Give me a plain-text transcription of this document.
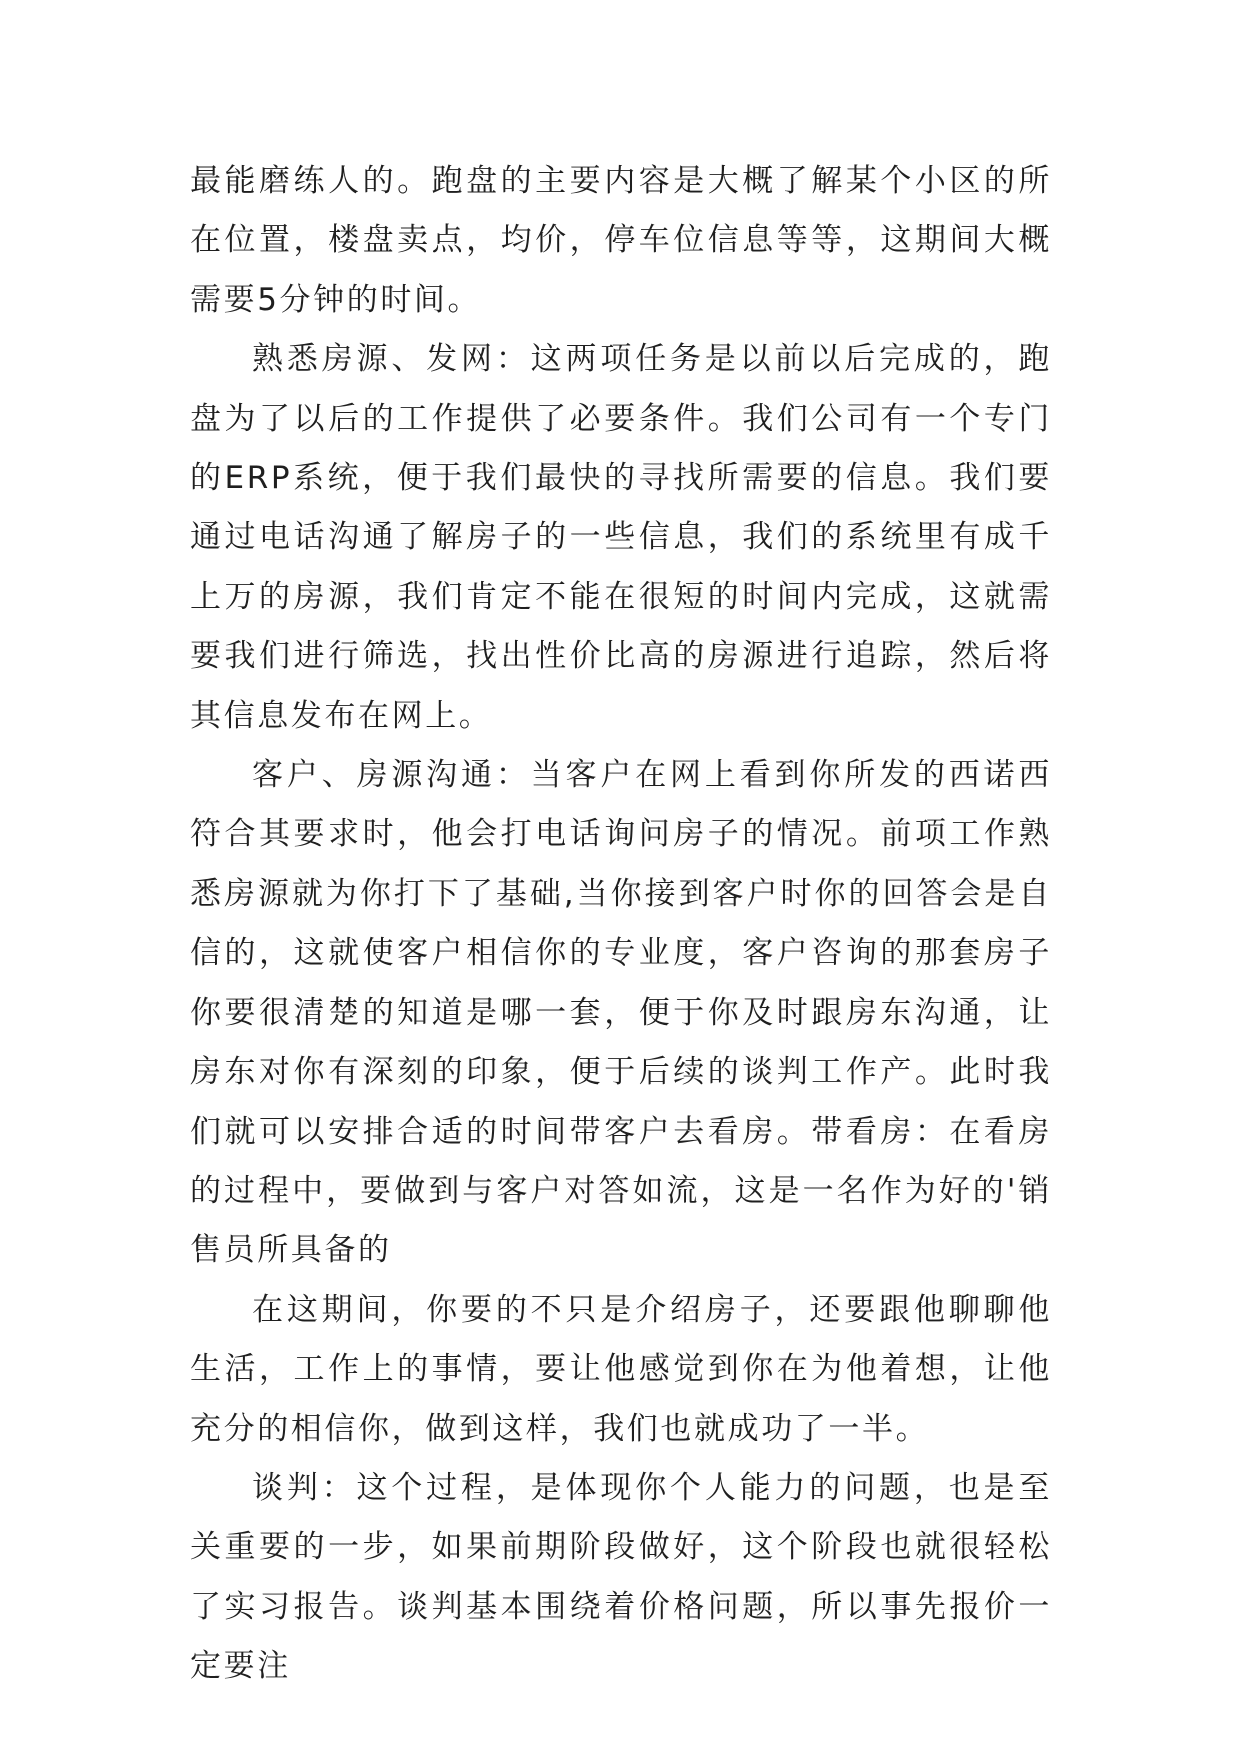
最能磨练人的。跑盘的主要内容是大概了解某个小区的所在位置，楼盘卖点，均价，停车位信息等等，这期间大概需要5分钟的时间。

熟悉房源、发网：这两项任务是以前以后完成的，跑盘为了以后的工作提供了必要条件。我们公司有一个专门的ERP系统，便于我们最快的寻找所需要的信息。我们要通过电话沟通了解房子的一些信息，我们的系统里有成千上万的房源，我们肯定不能在很短的时间内完成，这就需要我们进行筛选，找出性价比高的房源进行追踪，然后将其信息发布在网上。

客户、房源沟通：当客户在网上看到你所发的西诺西符合其要求时，他会打电话询问房子的情况。前项工作熟悉房源就为你打下了基础,当你接到客户时你的回答会是自信的，这就使客户相信你的专业度，客户咨询的那套房子你要很清楚的知道是哪一套，便于你及时跟房东沟通，让房东对你有深刻的印象，便于后续的谈判工作产。此时我们就可以安排合适的时间带客户去看房。带看房：在看房的过程中，要做到与客户对答如流，这是一名作为好的'销售员所具备的

在这期间，你要的不只是介绍房子，还要跟他聊聊他生活，工作上的事情，要让他感觉到你在为他着想，让他充分的相信你，做到这样，我们也就成功了一半。

谈判：这个过程，是体现你个人能力的问题，也是至关重要的一步，如果前期阶段做好，这个阶段也就很轻松了实习报告。谈判基本围绕着价格问题，所以事先报价一定要注
